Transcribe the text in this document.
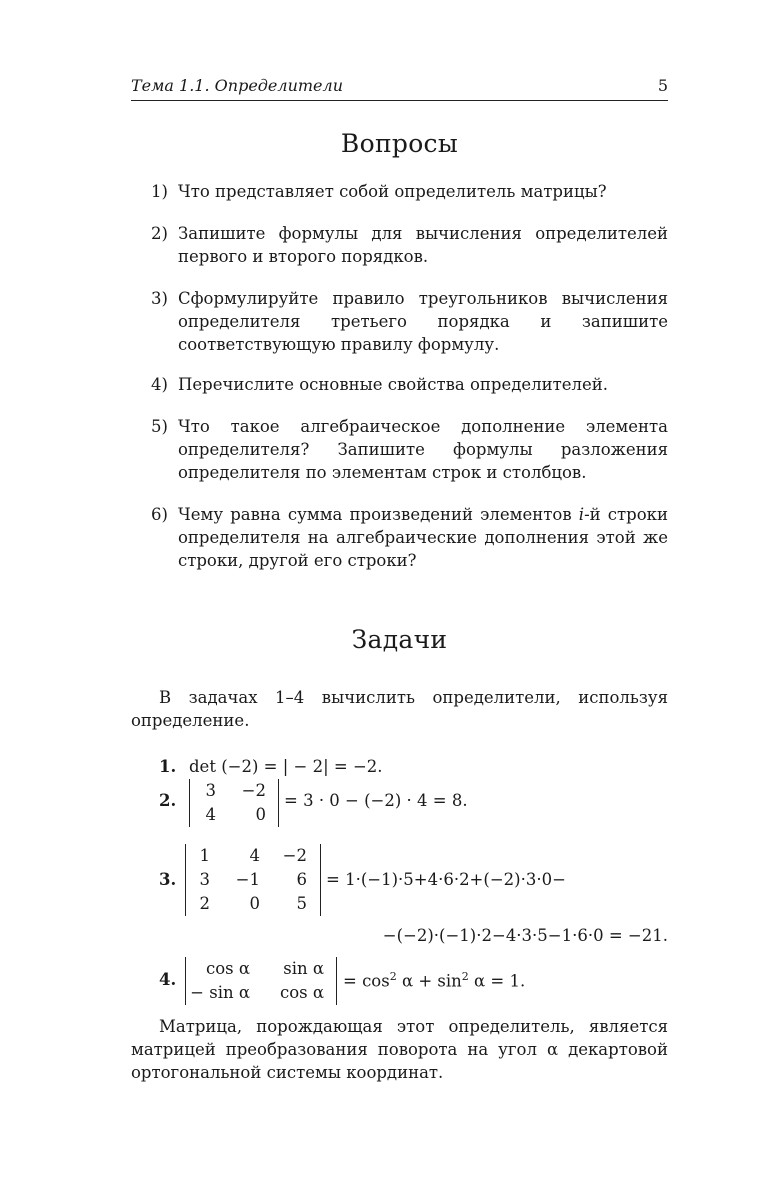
Тема 1.1. Определители	5
Вопросы
1) Что представляет собой определитель матрицы?
2) Запишите формулы для вычисления определителей первого и второго порядков.
3) Сформулируйте правило треугольников вычисления определителя третьего порядка и запишите соответствующую правилу формулу.
4) Перечислите основные свойства определителей.
5) Что такое алгебраическое дополнение элемента определителя? Запишите формулы разложения определителя по элементам строк и столбцов.
6) Чему равна сумма произведений элементов i-й строки определителя на алгебраические дополнения этой же строки, другой его строки?
Задачи
В задачах 1–4 вычислить определители, используя определение.
1. det (−2) = | − 2| = −2.
2.
3 −2
4 0
= 3 · 0 − (−2) · 4 = 8.
3.
1 4 −2
3 −1 6
2 0 5
= 1·(−1)·5+4·6·2+(−2)·3·0−
−(−2)·(−1)·2−4·3·5−1·6·0 = −21.
4.
cos α sin α
− sin α cos α
= $\cos^2 \alpha + \sin^2 \alpha = 1$.
Матрица, порождающая этот определитель, является матрицей преобразования поворота на угол α декартовой ортогональной системы координат.
